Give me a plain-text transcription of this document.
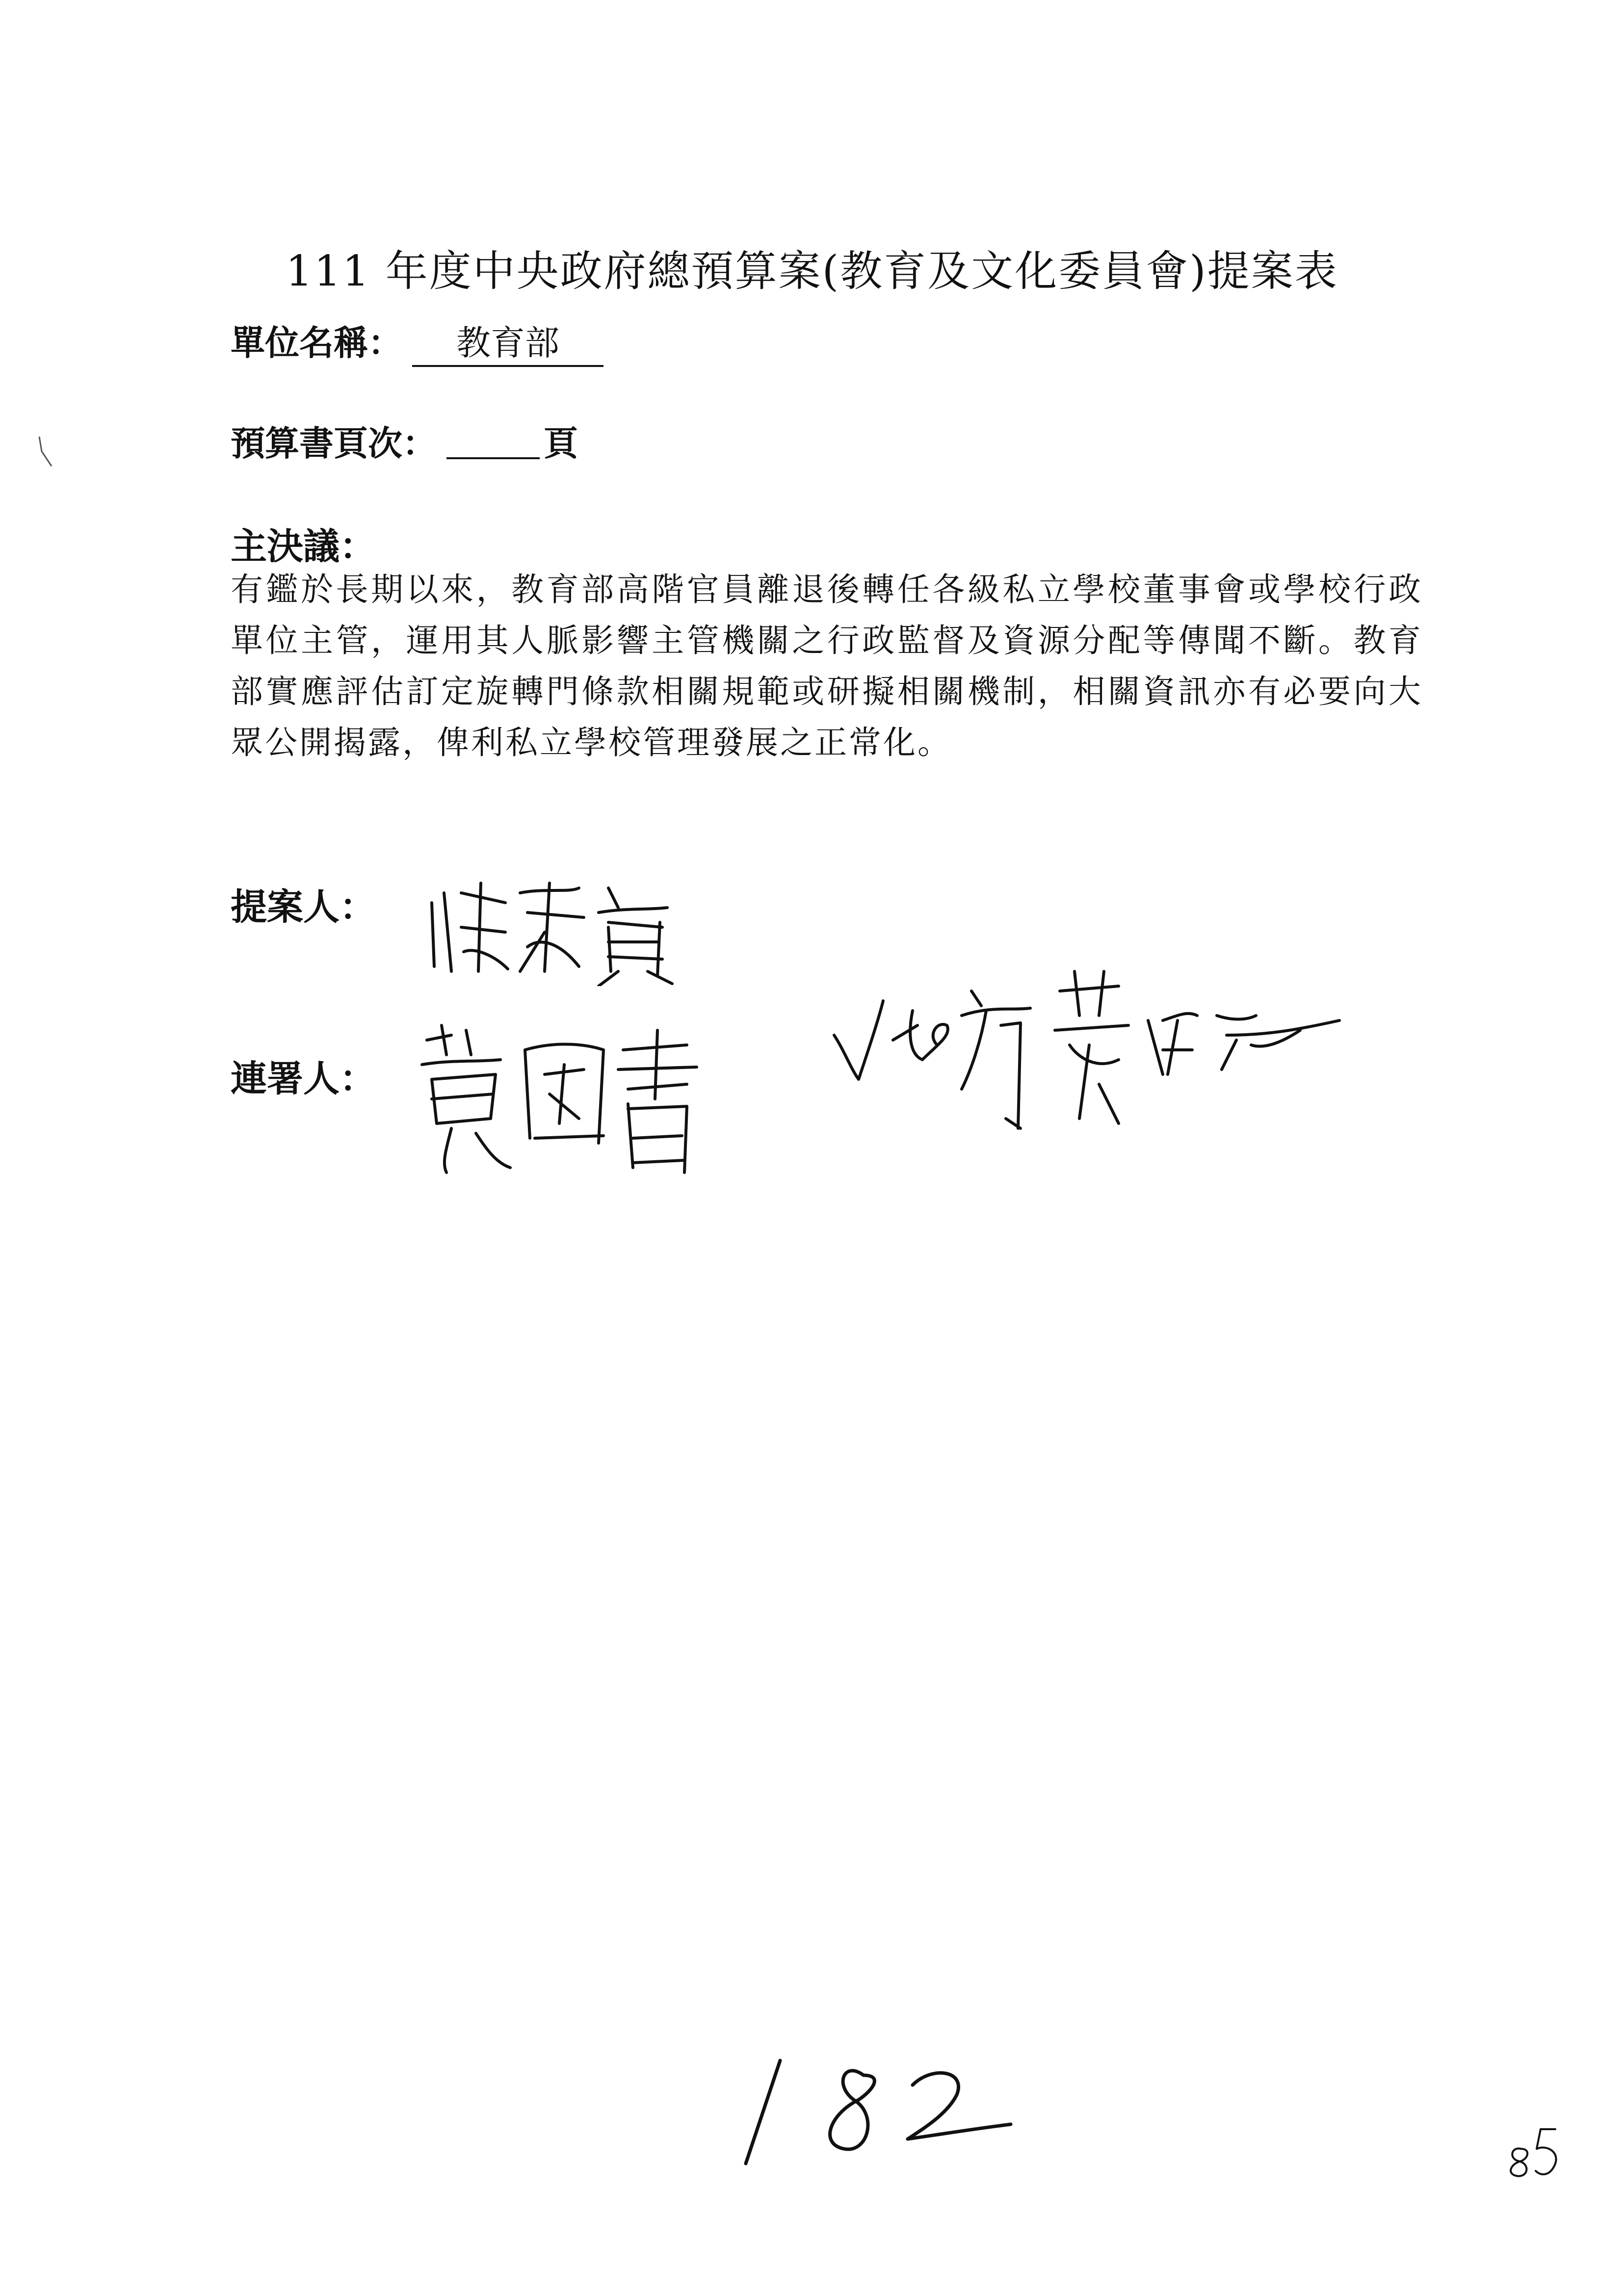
111 年度中央政府總預算案(教育及文化委員會)提案表
單位名稱： 教育部
預算書頁次：	頁
主決議：
有鑑於長期以來，教育部高階官員離退後轉任各級私立學校董事會或學校行政單位主管，運用其人脈影響主管機關之行政監督及資源分配等傳聞不斷。教育部實應評估訂定旋轉門條款相關規範或研擬相關機制，相關資訊亦有必要向大眾公開揭露，俾利私立學校管理發展之正常化。
提案人：
連署人：
